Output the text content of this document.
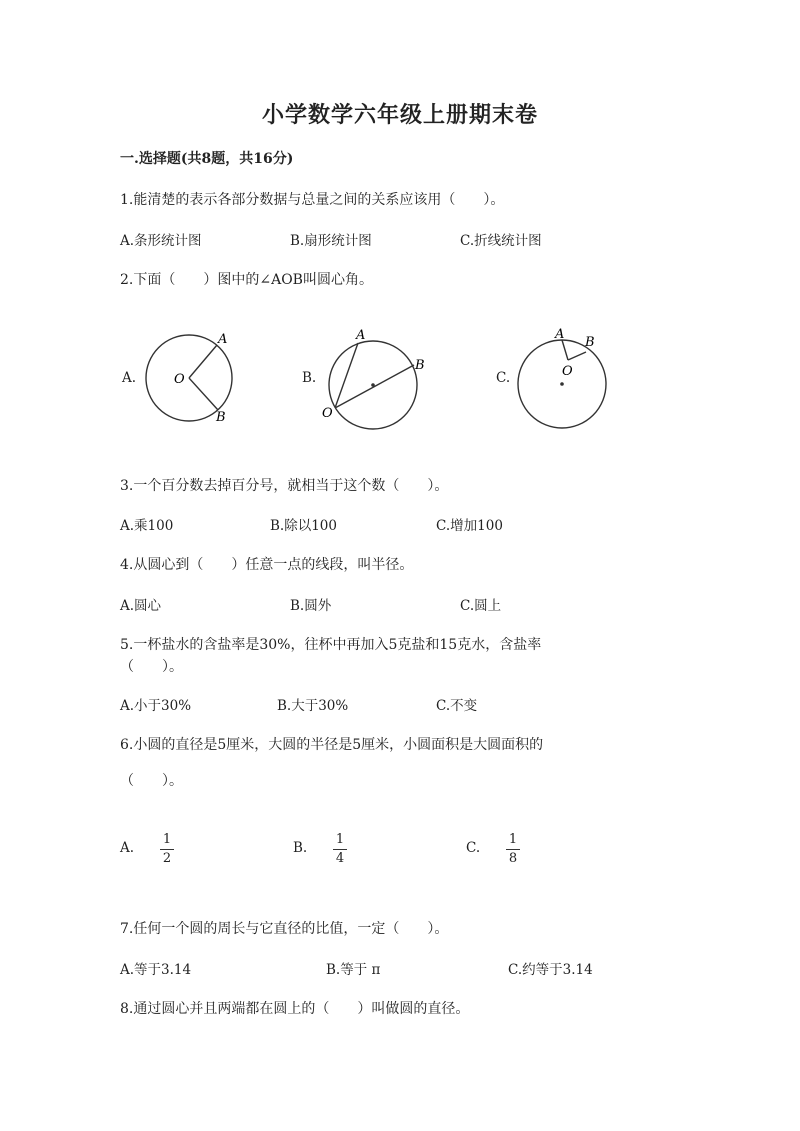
小学数学六年级上册期末卷
一.选择题(共8题，共16分)
1.能清楚的表示各部分数据与总量之间的关系应该用（　　）。
A.条形统计图	B.扇形统计图	C.折线统计图
2.下面（　　）图中的∠AOB叫圆心角。
A.	B.	C.
A
O
B
A
B
O
A
B
O
3.一个百分数去掉百分号，就相当于这个数（　　）。
A.乘100	B.除以100	C.增加100
4.从圆心到（　　）任意一点的线段，叫半径。
A.圆心	B.圆外	C.圆上
5.一杯盐水的含盐率是30%，往杯中再加入5克盐和15克水，含盐率
（　　）。
A.小于30%	B.大于30%	C.不变
6.小圆的直径是5厘米，大圆的半径是5厘米，小圆面积是大圆面积的
（　　）。
A.
1
2
B.
1
4
C.
1
8
7.任何一个圆的周长与它直径的比值，一定（　　）。
A.等于3.14	B.等于 π	C.约等于3.14
8.通过圆心并且两端都在圆上的（　　）叫做圆的直径。
